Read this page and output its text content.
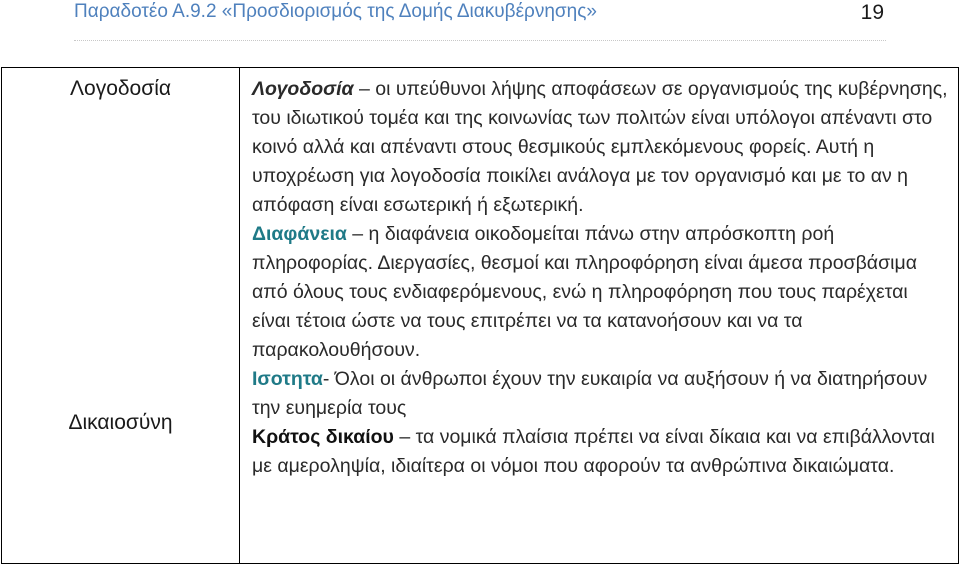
Παραδοτέο Α.9.2 «Προσδιορισμός της Δομής Διακυβέρνησης»	19
Λογοδοσία
Δικαιοσύνη

Λογοδοσία – οι υπεύθυνοι λήψης αποφάσεων σε οργανισμούς της κυβέρνησης, του ιδιωτικού τομέα και της κοινωνίας των πολιτών είναι υπόλογοι απέναντι στο κοινό αλλά και απέναντι στους θεσμικούς εμπλεκόμενους φορείς. Αυτή η υποχρέωση για λογοδοσία ποικίλει ανάλογα με τον οργανισμό και με το αν η απόφαση είναι εσωτερική ή εξωτερική.

Διαφάνεια – η διαφάνεια οικοδομείται πάνω στην απρόσκοπτη ροή πληροφορίας. Διεργασίες, θεσμοί και πληροφόρηση είναι άμεσα προσβάσιμα από όλους τους ενδιαφερόμενους, ενώ η πληροφόρηση που τους παρέχεται είναι τέτοια ώστε να τους επιτρέπει να τα κατανοήσουν και να τα παρακολουθήσουν.

Ισοτητα- Όλοι οι άνθρωποι έχουν την ευκαιρία να αυξήσουν ή να διατηρήσουν την ευημερία τους

Κράτος δικαίου – τα νομικά πλαίσια πρέπει να είναι δίκαια και να επιβάλλονται με αμεροληψία, ιδιαίτερα οι νόμοι που αφορούν τα ανθρώπινα δικαιώματα.
